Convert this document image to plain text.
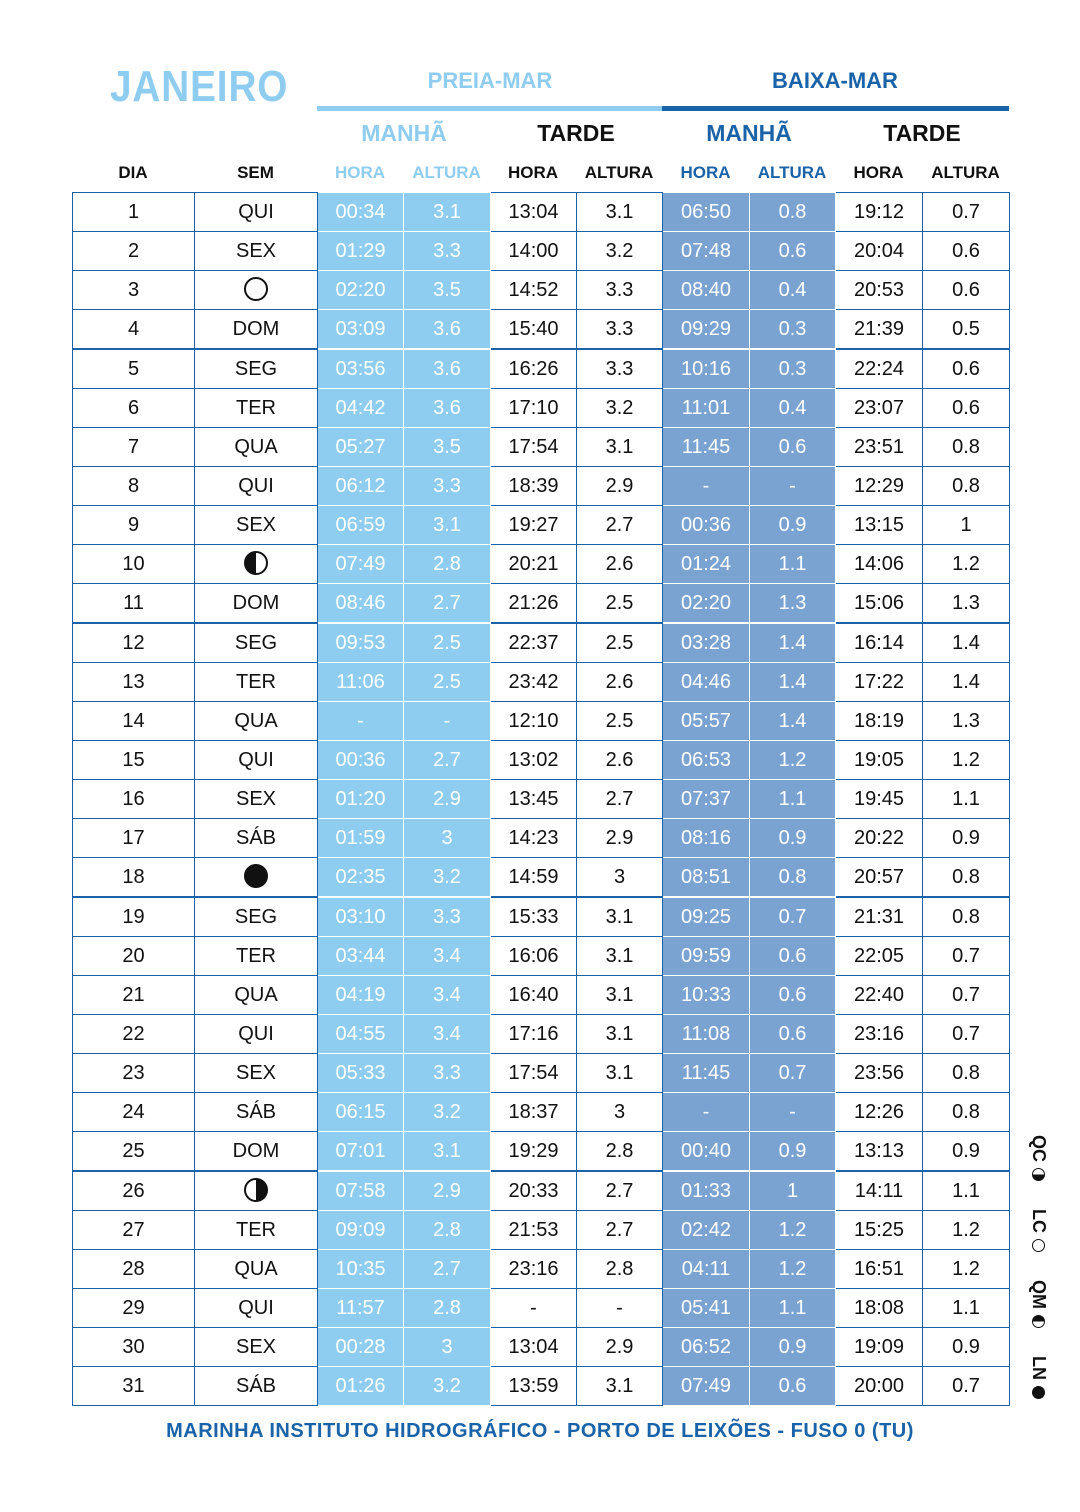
JANEIRO	PREIA-MAR	BAIXA-MAR
MANHÃ	TARDE	MANHÃ	TARDE
DIA	SEM	HORA	ALTURA	HORA	ALTURA	HORA	ALTURA	HORA	ALTURA
1	QUI	00:34	3.1	13:04	3.1	06:50	0.8	19:12	0.7
2	SEX	01:29	3.3	14:00	3.2	07:48	0.6	20:04	0.6
3		02:20	3.5	14:52	3.3	08:40	0.4	20:53	0.6
4	DOM	03:09	3.6	15:40	3.3	09:29	0.3	21:39	0.5
5	SEG	03:56	3.6	16:26	3.3	10:16	0.3	22:24	0.6
6	TER	04:42	3.6	17:10	3.2	11:01	0.4	23:07	0.6
7	QUA	05:27	3.5	17:54	3.1	11:45	0.6	23:51	0.8
8	QUI	06:12	3.3	18:39	2.9	-	-	12:29	0.8
9	SEX	06:59	3.1	19:27	2.7	00:36	0.9	13:15	1
10		07:49	2.8	20:21	2.6	01:24	1.1	14:06	1.2
11	DOM	08:46	2.7	21:26	2.5	02:20	1.3	15:06	1.3
12	SEG	09:53	2.5	22:37	2.5	03:28	1.4	16:14	1.4
13	TER	11:06	2.5	23:42	2.6	04:46	1.4	17:22	1.4
14	QUA	-	-	12:10	2.5	05:57	1.4	18:19	1.3
15	QUI	00:36	2.7	13:02	2.6	06:53	1.2	19:05	1.2
16	SEX	01:20	2.9	13:45	2.7	07:37	1.1	19:45	1.1
17	SÁB	01:59	3	14:23	2.9	08:16	0.9	20:22	0.9
18		02:35	3.2	14:59	3	08:51	0.8	20:57	0.8
19	SEG	03:10	3.3	15:33	3.1	09:25	0.7	21:31	0.8
20	TER	03:44	3.4	16:06	3.1	09:59	0.6	22:05	0.7
21	QUA	04:19	3.4	16:40	3.1	10:33	0.6	22:40	0.7
22	QUI	04:55	3.4	17:16	3.1	11:08	0.6	23:16	0.7
23	SEX	05:33	3.3	17:54	3.1	11:45	0.7	23:56	0.8
24	SÁB	06:15	3.2	18:37	3	-	-	12:26	0.8
25	DOM	07:01	3.1	19:29	2.8	00:40	0.9	13:13	0.9
26		07:58	2.9	20:33	2.7	01:33	1	14:11	1.1
27	TER	09:09	2.8	21:53	2.7	02:42	1.2	15:25	1.2
28	QUA	10:35	2.7	23:16	2.8	04:11	1.2	16:51	1.2
29	QUI	11:57	2.8	-	-	05:41	1.1	18:08	1.1
30	SEX	00:28	3	13:04	2.9	06:52	0.9	19:09	0.9
31	SÁB	01:26	3.2	13:59	3.1	07:49	0.6	20:00	0.7
QC
LC
QM
LN
MARINHA INSTITUTO HIDROGRÁFICO - PORTO DE LEIXÕES - FUSO 0 (TU)
